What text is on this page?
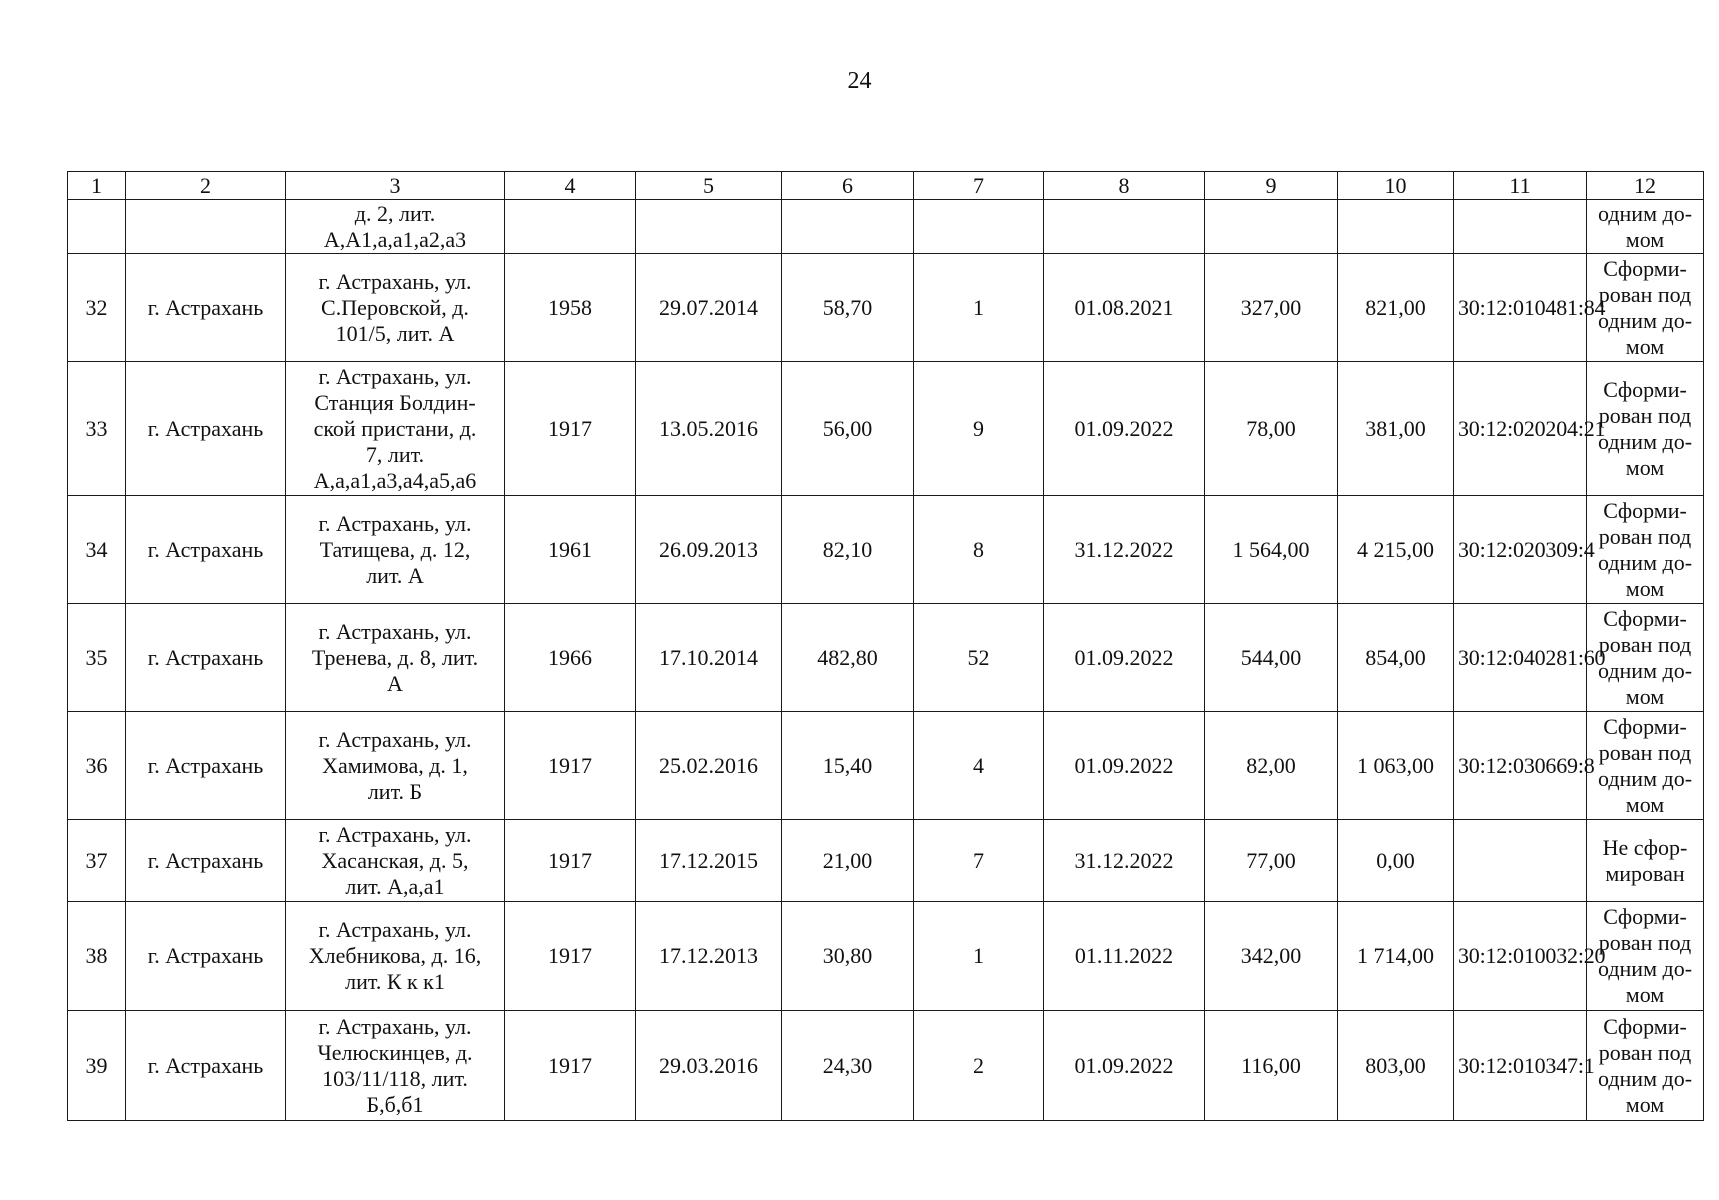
24
1	2	3	4	5	6	7	8	9	10	11	12

		д. 2, лит.
А,А1,а,а1,а2,а3									одним до-
мом

32	г. Астрахань	г. Астрахань, ул.
С.Перовской, д.
101/5, лит. А	1958	29.07.2014	58,70	1	01.08.2021	327,00	821,00	30:12:010481:84	Сформи-
рован под
одним до-
мом

33	г. Астрахань	г. Астрахань, ул.
Станция Болдин-
ской пристани, д.
7, лит.
А,а,а1,а3,а4,а5,а6	1917	13.05.2016	56,00	9	01.09.2022	78,00	381,00	30:12:020204:21	Сформи-
рован под
одним до-
мом

34	г. Астрахань	г. Астрахань, ул.
Татищева, д. 12,
лит. А	1961	26.09.2013	82,10	8	31.12.2022	1 564,00	4 215,00	30:12:020309:4	Сформи-
рован под
одним до-
мом

35	г. Астрахань	г. Астрахань, ул.
Тренева, д. 8, лит.
А	1966	17.10.2014	482,80	52	01.09.2022	544,00	854,00	30:12:040281:60	Сформи-
рован под
одним до-
мом

36	г. Астрахань	г. Астрахань, ул.
Хамимова, д. 1,
лит. Б	1917	25.02.2016	15,40	4	01.09.2022	82,00	1 063,00	30:12:030669:8	Сформи-
рован под
одним до-
мом

37	г. Астрахань	г. Астрахань, ул.
Хасанская, д. 5,
лит. А,а,а1	1917	17.12.2015	21,00	7	31.12.2022	77,00	0,00		Не сфор-
мирован

38	г. Астрахань	г. Астрахань, ул.
Хлебникова, д. 16,
лит. К к к1	1917	17.12.2013	30,80	1	01.11.2022	342,00	1 714,00	30:12:010032:20	Сформи-
рован под
одним до-
мом

39	г. Астрахань	г. Астрахань, ул.
Челюскинцев, д.
103/11/118, лит.
Б,б,б1	1917	29.03.2016	24,30	2	01.09.2022	116,00	803,00	30:12:010347:1	Сформи-
рован под
одним до-
мом
